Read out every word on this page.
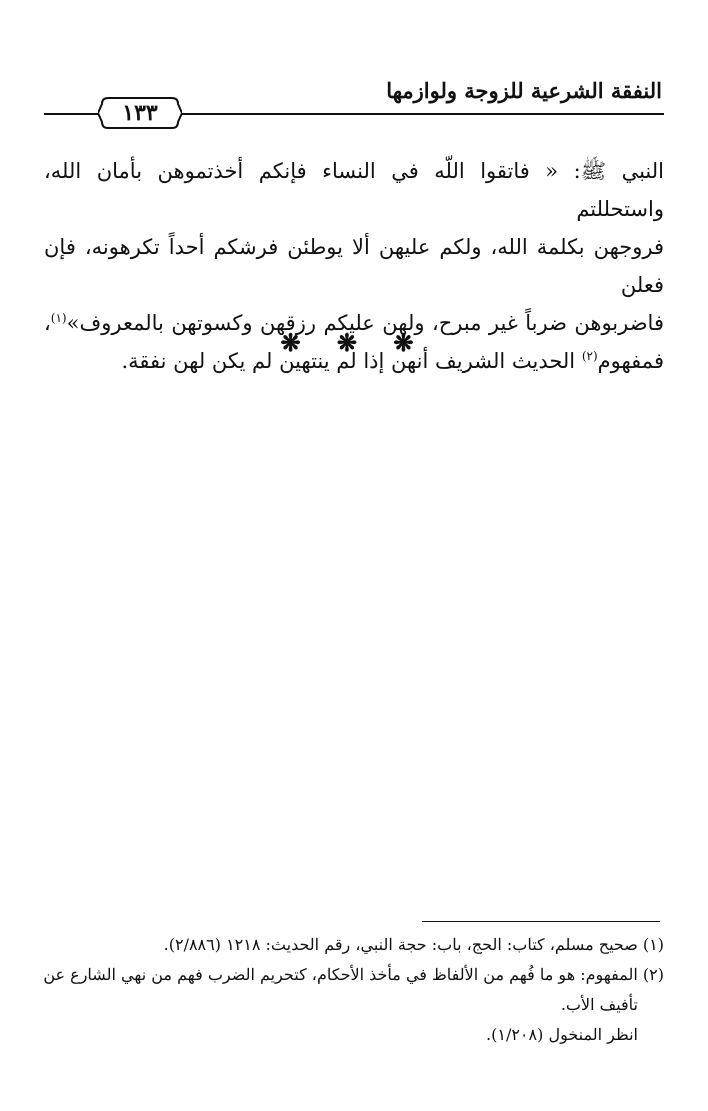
١٣٣
النفقة الشرعية للزوجة ولوازمها

النبي ﷺ: « فاتقوا اللّه في النساء فإنكم أخذتموهن بأمان الله، واستحللتم

فروجهن بكلمة الله، ولكم عليهن ألا يوطئن فرشكم أحداً تكرهونه، فإن فعلن

فاضربوهن ضرباً غير مبرح، ولهن عليكم رزقهن وكسوتهن بالمعروف»$^{(١)}$،

فمفهوم$^{(٢)}$ الحديث الشريف أنهن إذا لم ينتهين لم يكن لهن نفقة.

❋ ❋ ❋

(١) صحيح مسلم، كتاب: الحج، باب: حجة النبي، رقم الحديث: ١٢١٨ (٢/٨٨٦).

(٢) المفهوم: هو ما فُهم من الألفاظ في مأخذ الأحكام، كتحريم الضرب فهم من نهي الشارع عن

تأفيف الأب.

انظر المنخول (١/٢٠٨).
